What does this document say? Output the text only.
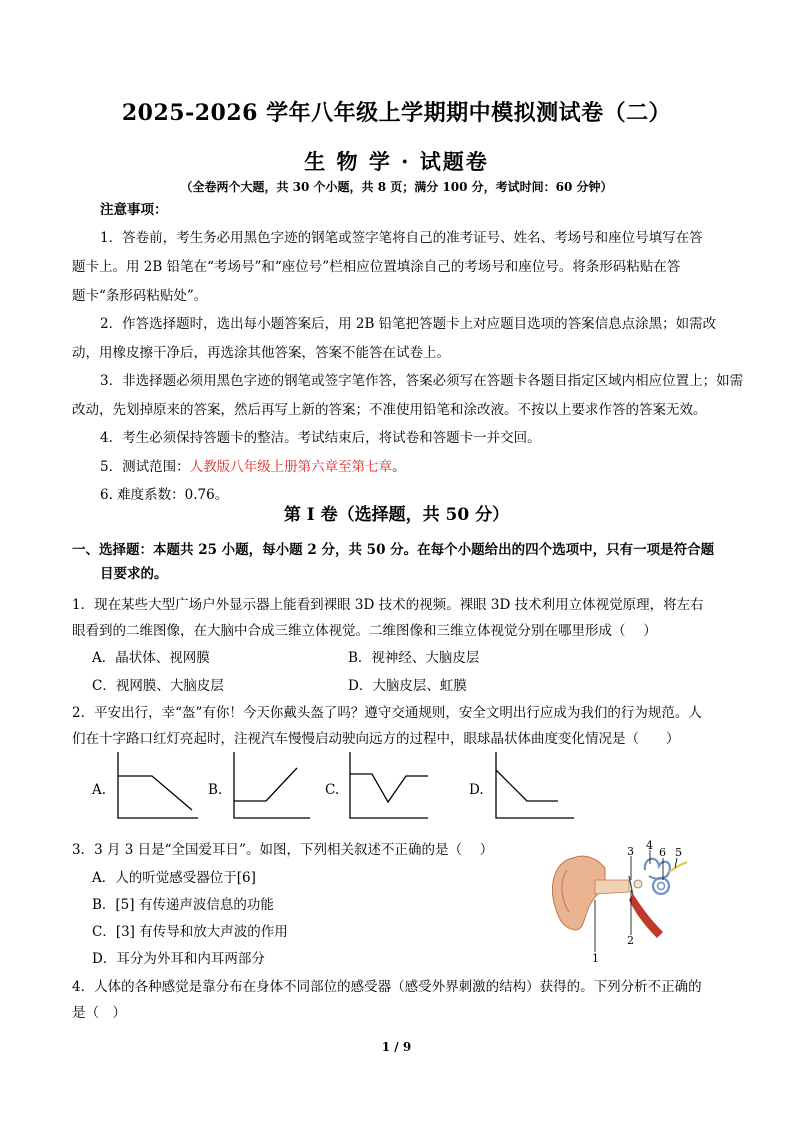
2025-2026 学年八年级上学期期中模拟测试卷（二）
生 物 学 · 试题卷
（全卷两个大题，共 30 个小题，共 8 页；满分 100 分，考试时间：60 分钟）
注意事项：
1．答卷前，考生务必用黑色字迹的钢笔或签字笔将自己的准考证号、姓名、考场号和座位号填写在答
题卡上。用 2B 铅笔在“考场号”和“座位号”栏相应位置填涂自己的考场号和座位号。将条形码粘贴在答
题卡“条形码粘贴处”。
2．作答选择题时，选出每小题答案后，用 2B 铅笔把答题卡上对应题目选项的答案信息点涂黑；如需改
动，用橡皮擦干净后，再选涂其他答案，答案不能答在试卷上。
3．非选择题必须用黑色字迹的钢笔或签字笔作答，答案必须写在答题卡各题目指定区域内相应位置上；如需
改动，先划掉原来的答案，然后再写上新的答案；不准使用铅笔和涂改液。不按以上要求作答的答案无效。
4．考生必须保持答题卡的整洁。考试结束后，将试卷和答题卡一并交回。
5．测试范围：人教版八年级上册第六章至第七章。
6. 难度系数：0.76。
第 I 卷（选择题，共 50 分）
一、选择题：本题共 25 小题，每小题 2 分，共 50 分。在每个小题给出的四个选项中，只有一项是符合题
目要求的。
1．现在某些大型广场户外显示器上能看到裸眼 3D 技术的视频。裸眼 3D 技术利用立体视觉原理，将左右
眼看到的二维图像，在大脑中合成三维立体视觉。二维图像和三维立体视觉分别在哪里形成（　 ）
A．晶状体、视网膜	B．视神经、大脑皮层
C．视网膜、大脑皮层	D．大脑皮层、虹膜
2．平安出行，幸“盔”有你！今天你戴头盔了吗？遵守交通规则，安全文明出行应成为我们的行为规范。人
们在十字路口红灯亮起时，注视汽车慢慢启动驶向远方的过程中，眼球晶状体曲度变化情况是（　　）
A.	B.	C.	D.
3．3 月 3 日是“全国爱耳日”。如图，下列相关叙述不正确的是（　 ）
A．人的听觉感受器位于[6]
B．[5] 有传递声波信息的功能
C．[3] 有传导和放大声波的作用
D．耳分为外耳和内耳两部分	1
2
3 4
5
6
4．人体的各种感觉是靠分布在身体不同部位的感受器（感受外界刺激的结构）获得的。下列分析不正确的
是（　）
1 / 9
